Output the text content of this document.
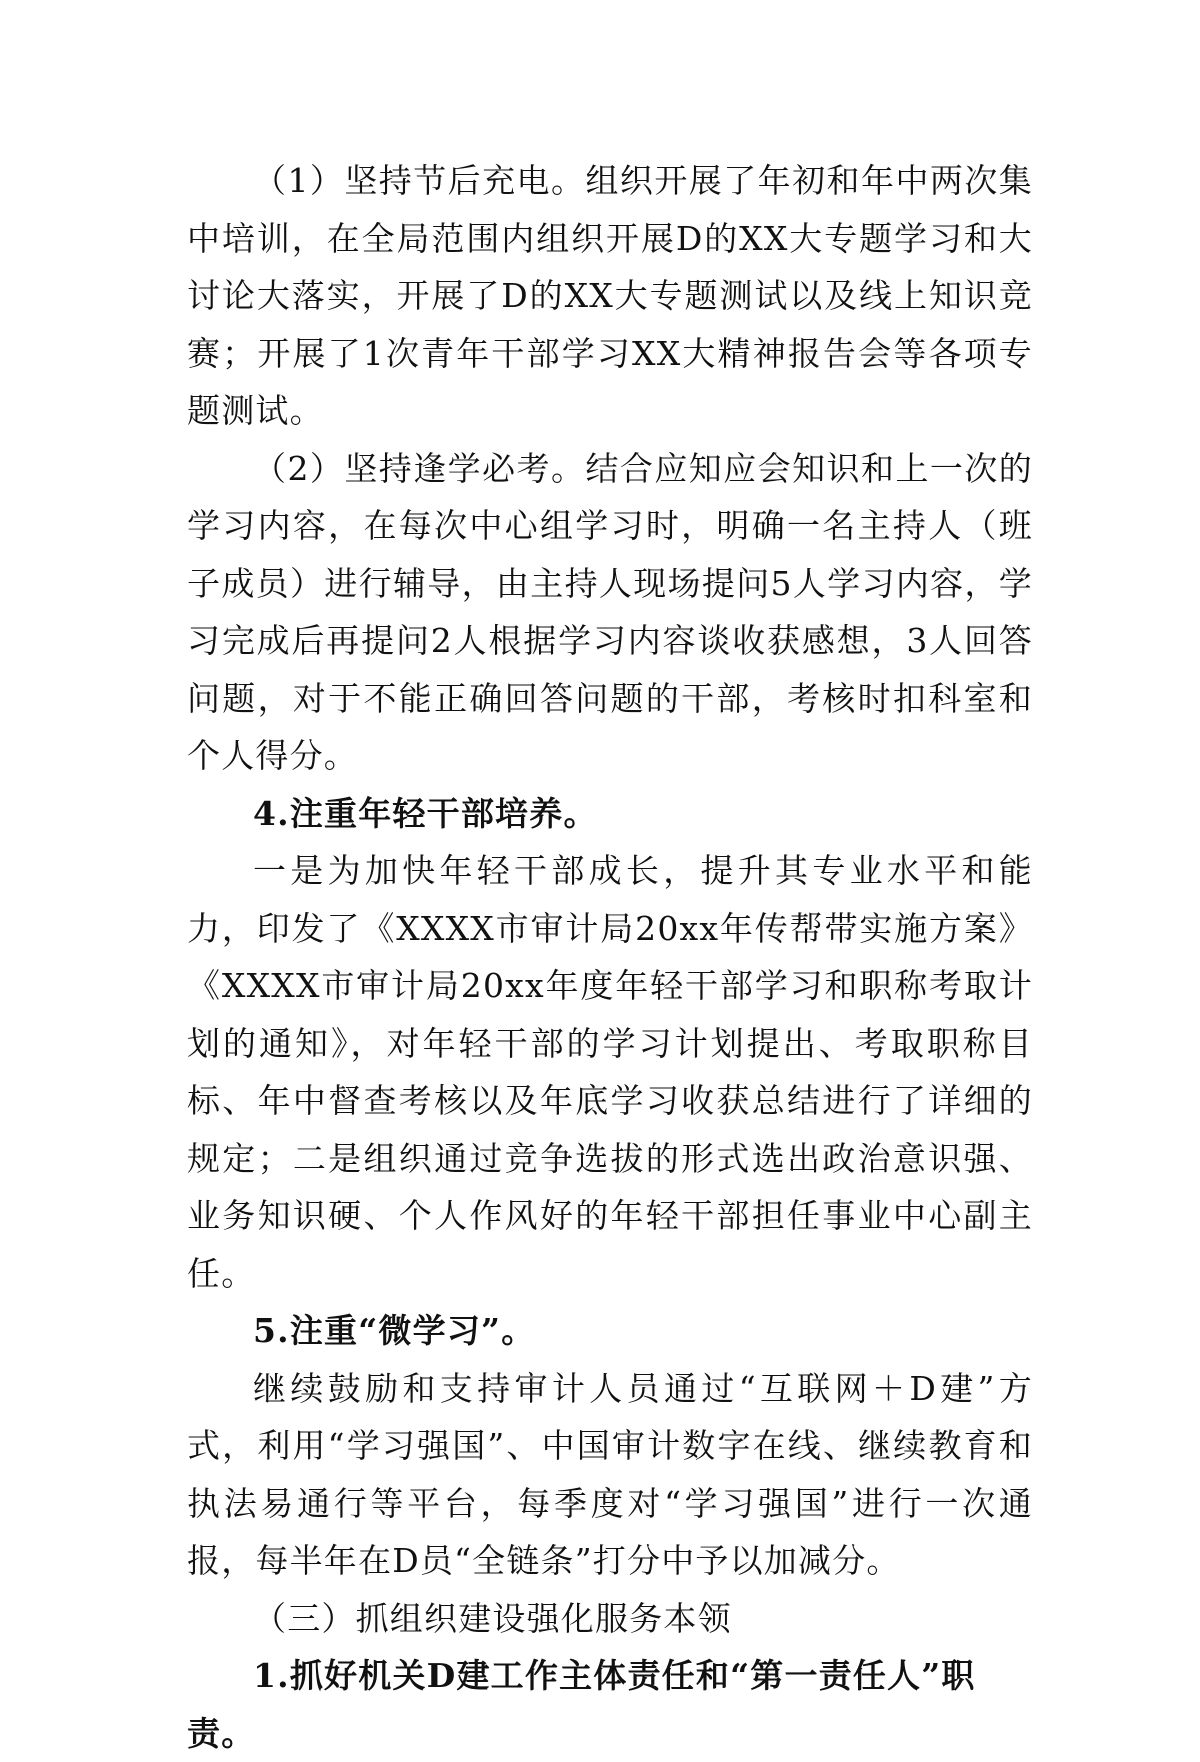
（1）坚持节后充电。组织开展了年初和年中两次集中培训，在全局范围内组织开展D的XX大专题学习和大讨论大落实，开展了D的XX大专题测试以及线上知识竞赛；开展了1次青年干部学习XX大精神报告会等各项专题测试。

（2）坚持逢学必考。结合应知应会知识和上一次的学习内容，在每次中心组学习时，明确一名主持人（班子成员）进行辅导，由主持人现场提问5人学习内容，学习完成后再提问2人根据学习内容谈收获感想，3人回答问题，对于不能正确回答问题的干部，考核时扣科室和个人得分。

4.注重年轻干部培养。

一是为加快年轻干部成长，提升其专业水平和能力，印发了《XXXX市审计局20xx年传帮带实施方案》《XXXX市审计局20xx年度年轻干部学习和职称考取计划的通知》，对年轻干部的学习计划提出、考取职称目标、年中督查考核以及年底学习收获总结进行了详细的规定；二是组织通过竞争选拔的形式选出政治意识强、业务知识硬、个人作风好的年轻干部担任事业中心副主任。

5.注重“微学习”。

继续鼓励和支持审计人员通过“互联网＋D建”方式，利用“学习强国”、中国审计数字在线、继续教育和执法易通行等平台，每季度对“学习强国”进行一次通报，每半年在D员“全链条”打分中予以加减分。

（三）抓组织建设强化服务本领

1.抓好机关D建工作主体责任和“第一责任人”职责。
